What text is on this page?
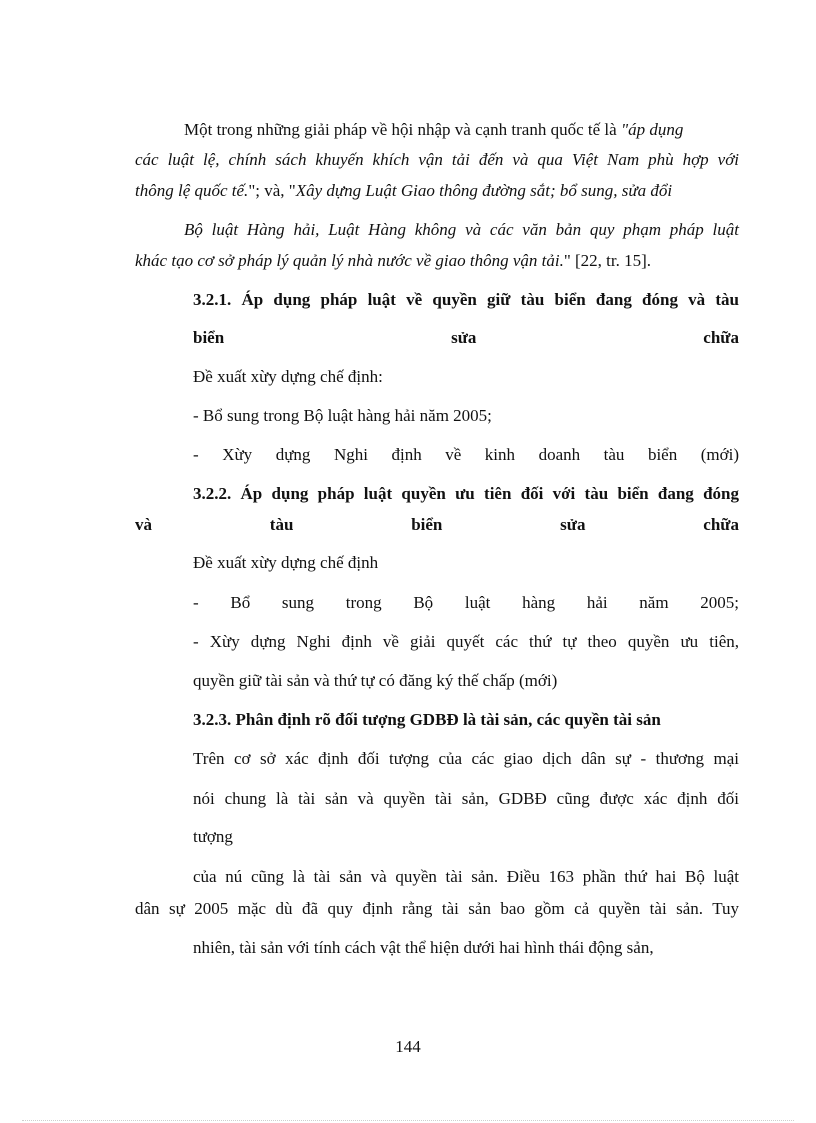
Một trong những giải pháp về hội nhập và cạnh tranh quốc tế là "áp dụng

các luật lệ, chính sách khuyến khích vận tải đến và qua Việt Nam phù hợp với

thông lệ quốc tế."; và, "Xây dựng Luật Giao thông đường sắt; bổ sung, sửa đổi

Bộ luật Hàng hải, Luật Hàng không và các văn bản quy phạm pháp luật

khác tạo cơ sở pháp lý quản lý nhà nước về giao thông vận tải." [22, tr. 15].

3.2.1. Áp dụng pháp luật về quyền giữ tàu biển đang đóng và tàu

biển sửa chữa

Đề xuất xừy dựng chế định:

- Bổ sung trong Bộ luật hàng hải năm 2005;

- Xừy dựng Nghi định về kinh doanh tàu biển (mới)

3.2.2. Áp dụng pháp luật quyền ưu tiên đối với tàu biển đang đóng

và tàu biển sửa chữa

Đề xuất xừy dựng chế định

- Bổ sung trong Bộ luật hàng hải năm 2005;

- Xừy dựng Nghi định về giải quyết các thứ tự theo quyền ưu tiên,

quyền giữ tài sản và thứ tự có đăng ký thế chấp (mới)

3.2.3. Phân định rõ đối tượng GDBĐ là tài sản, các quyền tài sản

Trên cơ sở xác định đối tượng của các giao dịch dân sự - thương mại

nói chung là tài sản và quyền tài sản, GDBĐ cũng được xác định đối

tượng

của nú cũng là tài sản và quyền tài sản. Điều 163 phần thứ hai Bộ luật

dân sự 2005 mặc dù đã quy định rằng tài sản bao gồm cả quyền tài sản. Tuy

nhiên, tài sản với tính cách vật thể hiện dưới hai hình thái động sản,

144
